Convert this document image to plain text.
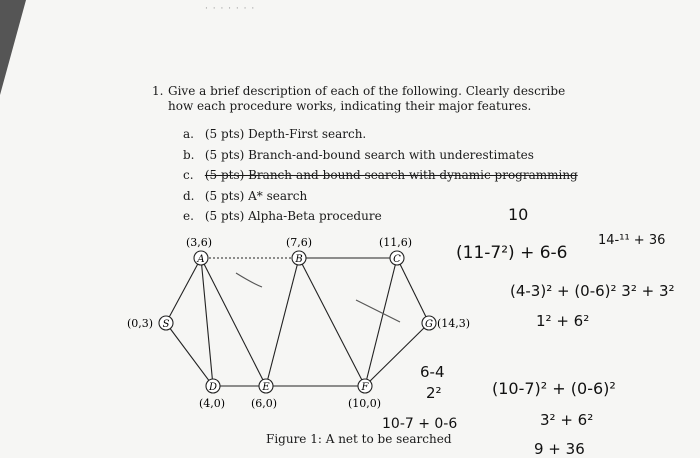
· · · · · · ·
1. Give a brief description of each of the following. Clearly describe how each procedure works, indicating their major features.
a. (5 pts) Depth-First search.
b. (5 pts) Branch-and-bound search with underestimates
c. (5 pts) Branch-and-bound search with dynamic programming
d. (5 pts) A* search
e. (5 pts) Alpha-Beta procedure
S
(0,3)
A
(3,6)
B
(7,6)
C
(11,6)
G (14,3)
D
(4,0)
E
(6,0)
F
(10,0)
10
(11-7²) + 6-6
14-¹¹ + 36
(4-3)² + (0-6)² 3² + 3²
1² + 6²
6-4
2²	(10-7)² + (0-6)²
3² + 6²
10-7 + 0-6
9 + 36
Figure 1: A net to be searched
